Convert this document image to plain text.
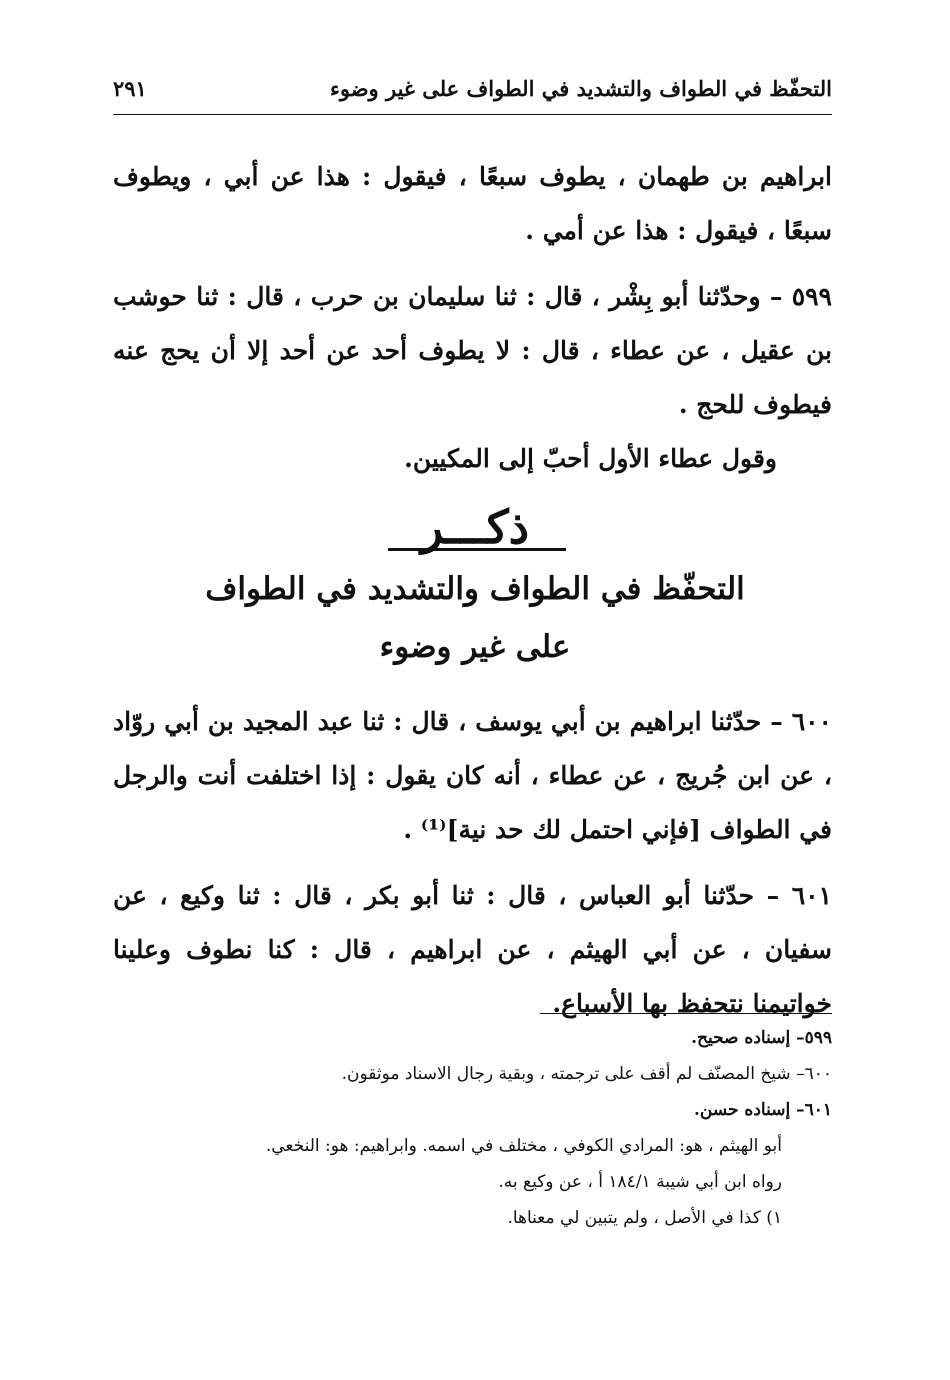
التحفّظ في الطواف والتشديد في الطواف على غير وضوء
٢٩١

ابراهيم بن طهمان ، يطوف سبعًا ، فيقول : هذا عن أبي ، ويطوف سبعًا ، فيقول : هذا عن أمي .

٥٩٩ – وحدّثنا أبو بِشْر ، قال : ثنا سليمان بن حرب ، قال : ثنا حوشب بن عقيل ، عن عطاء ، قال : لا يطوف أحد عن أحد إلا أن يحج عنه فيطوف للحج .

وقول عطاء الأول أحبّ إلى المكيين.

ذكـــر
التحفّظ في الطواف والتشديد في الطواف
على غير وضوء

٦٠٠ – حدّثنا ابراهيم بن أبي يوسف ، قال : ثنا عبد المجيد بن أبي روّاد ، عن ابن جُريج ، عن عطاء ، أنه كان يقول : إذا اختلفت أنت والرجل في الطواف [فإني احتمل لك حد نية]⁽¹⁾ .

٦٠١ – حدّثنا أبو العباس ، قال : ثنا أبو بكر ، قال : ثنا وكيع ، عن سفيان ، عن أبي الهيثم ، عن ابراهيم ، قال : كنا نطوف وعلينا خواتيمنا نتحفظ بها الأسباع.

٥٩٩– إسناده صحيح.

٦٠٠– شيخ المصنّف لم أقف على ترجمته ، وبقية رجال الاسناد موثقون.

٦٠١– إسناده حسن.

أبو الهيثم ، هو: المرادي الكوفي ، مختلف في اسمه. وابراهيم: هو: النخعي.

رواه ابن أبي شيبة ١٨٤/١ أ ، عن وكيع به.

١) كذا في الأصل ، ولم يتبين لي معناها.
